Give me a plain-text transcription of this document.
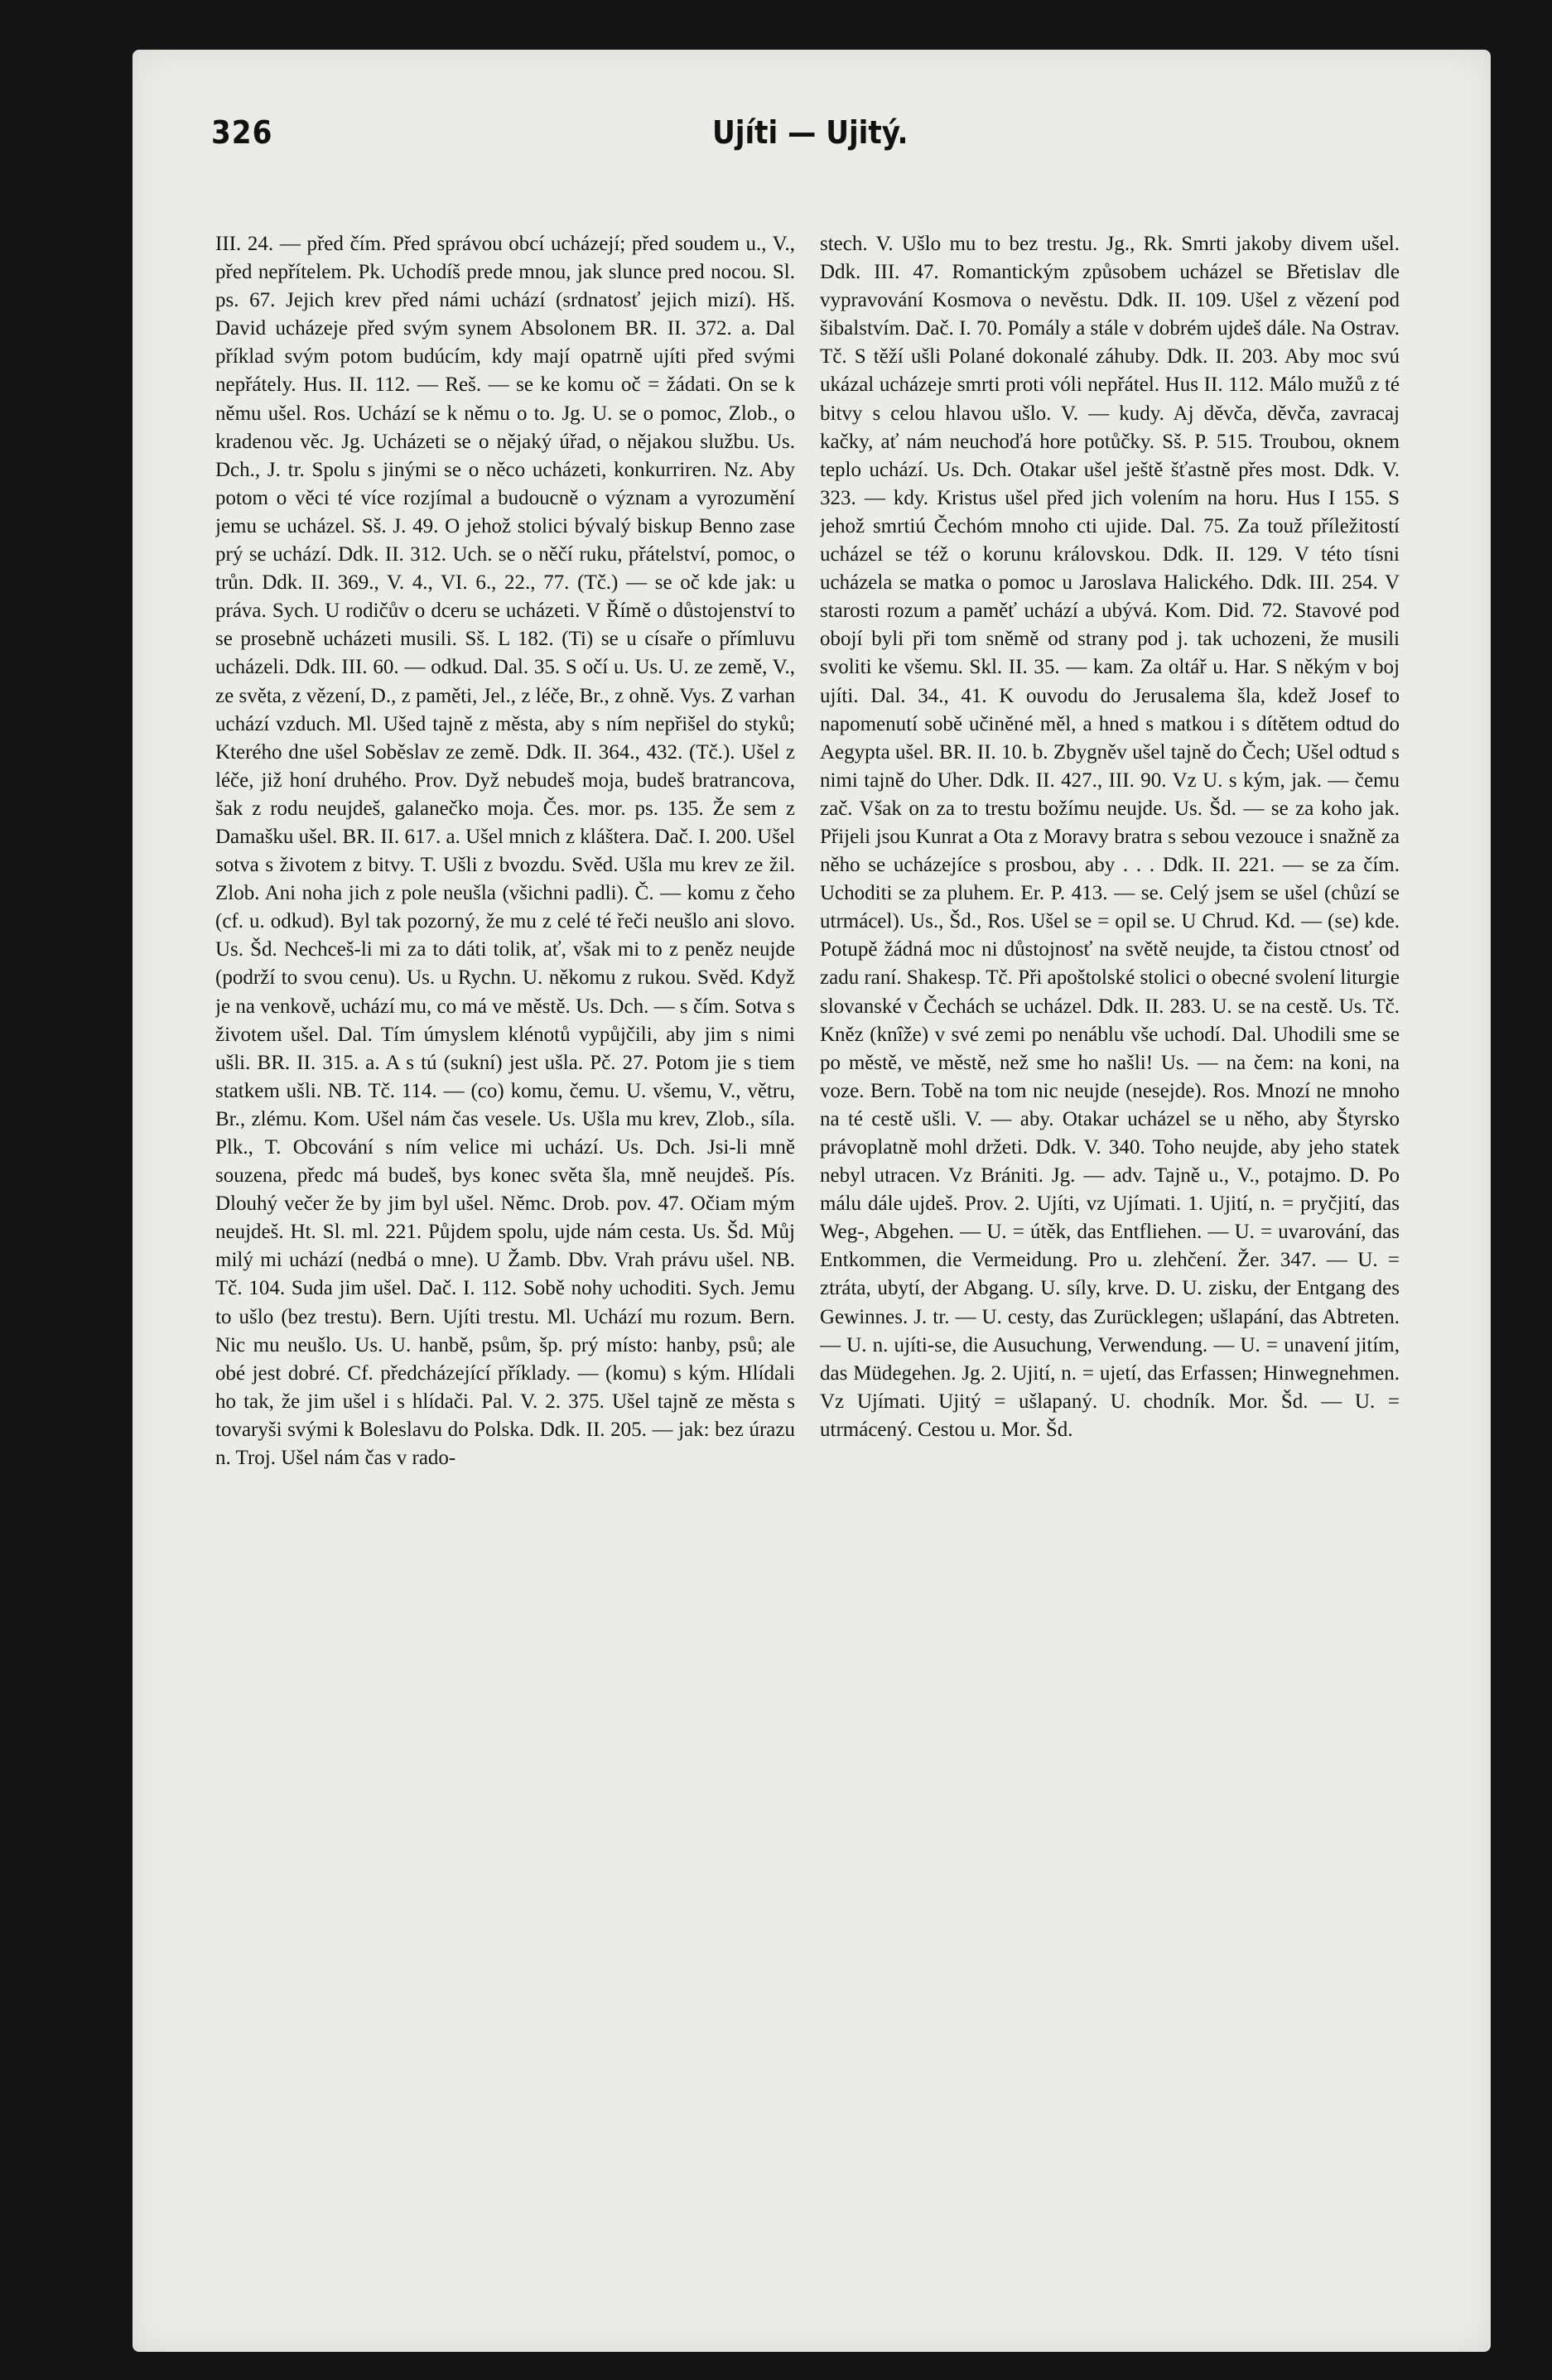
326	Ujíti — Ujitý.

III. 24. — před čím. Před správou obcí ucházejí; před soudem u., V., před nepřítelem. Pk. Uchodíš prede mnou, jak slunce pred nocou. Sl. ps. 67. Jejich krev před námi uchází (srdnatosť jejich mizí). Hš. David ucházeje před svým synem Absolonem BR. II. 372. a. Dal příklad svým potom budúcím, kdy mají opatrně ujíti před svými nepřátely. Hus. II. 112. — Reš. — se ke komu oč = žádati. On se k němu ušel. Ros. Uchází se k němu o to. Jg. U. se o pomoc, Zlob., o kradenou věc. Jg. Ucházeti se o nějaký úřad, o nějakou službu. Us. Dch., J. tr. Spolu s jinými se o něco ucházeti, konkurriren. Nz. Aby potom o věci té více rozjímal a budoucně o význam a vyrozumění jemu se ucházel. Sš. J. 49. O jehož stolici bývalý biskup Benno zase prý se uchází. Ddk. II. 312. Uch. se o něčí ruku, přátelství, pomoc, o trůn. Ddk. II. 369., V. 4., VI. 6., 22., 77. (Tč.) — se oč kde jak: u práva. Sych. U rodičův o dceru se ucházeti. V Římě o důstojenství to se prosebně ucházeti musili. Sš. L 182. (Ti) se u císaře o přímluvu ucházeli. Ddk. III. 60. — odkud. Dal. 35. S očí u. Us. U. ze země, V., ze světa, z vězení, D., z paměti, Jel., z léče, Br., z ohně. Vys. Z varhan uchází vzduch. Ml. Ušed tajně z města, aby s ním nepřišel do styků; Kterého dne ušel Soběslav ze země. Ddk. II. 364., 432. (Tč.). Ušel z léče, již honí druhého. Prov. Dyž nebudeš moja, budeš bratrancova, šak z rodu neujdeš, galanečko moja. Čes. mor. ps. 135. Že sem z Damašku ušel. BR. II. 617. a. Ušel mnich z kláštera. Dač. I. 200. Ušel sotva s životem z bitvy. T. Ušli z bvozdu. Svěd. Ušla mu krev ze žil. Zlob. Ani noha jich z pole neušla (všichni padli). Č. — komu z čeho (cf. u. odkud). Byl tak pozorný, že mu z celé té řeči neušlo ani slovo. Us. Šd. Nechceš-li mi za to dáti tolik, ať, však mi to z peněz neujde (podrží to svou cenu). Us. u Rychn. U. někomu z rukou. Svěd. Když je na venkově, uchází mu, co má ve městě. Us. Dch. — s čím. Sotva s životem ušel. Dal. Tím úmyslem klénotů vypůjčili, aby jim s nimi ušli. BR. II. 315. a. A s tú (sukní) jest ušla. Pč. 27. Potom jie s tiem statkem ušli. NB. Tč. 114. — (co) komu, čemu. U. všemu, V., větru, Br., zlému. Kom. Ušel nám čas vesele. Us. Ušla mu krev, Zlob., síla. Plk., T. Obcování s ním velice mi uchází. Us. Dch. Jsi-li mně souzena, předc má budeš, bys konec světa šla, mně neujdeš. Pís. Dlouhý večer že by jim byl ušel. Němc. Drob. pov. 47. Očiam mým neujdeš. Ht. Sl. ml. 221. Půjdem spolu, ujde nám cesta. Us. Šd. Můj milý mi uchází (nedbá o mne). U Žamb. Dbv. Vrah právu ušel. NB. Tč. 104. Suda jim ušel. Dač. I. 112. Sobě nohy uchoditi. Sych. Jemu to ušlo (bez trestu). Bern. Ujíti trestu. Ml. Uchází mu rozum. Bern. Nic mu neušlo. Us. U. hanbě, psům, šp. prý místo: hanby, psů; ale obé jest dobré. Cf. předcházející příklady. — (komu) s kým. Hlídali ho tak, že jim ušel i s hlídači. Pal. V. 2. 375. Ušel tajně ze města s tovaryši svými k Boleslavu do Polska. Ddk. II. 205. — jak: bez úrazu n. Troj. Ušel nám čas v rado-

stech. V. Ušlo mu to bez trestu. Jg., Rk. Smrti jakoby divem ušel. Ddk. III. 47. Romantickým způsobem ucházel se Břetislav dle vypravování Kosmova o nevěstu. Ddk. II. 109. Ušel z vězení pod šibalstvím. Dač. I. 70. Pomály a stále v dobrém ujdeš dále. Na Ostrav. Tč. S těží ušli Polané dokonalé záhuby. Ddk. II. 203. Aby moc svú ukázal ucházeje smrti proti vóli nepřátel. Hus II. 112. Málo mužů z té bitvy s celou hlavou ušlo. V. — kudy. Aj děvča, děvča, zavracaj kačky, ať nám neuchoďá hore potůčky. Sš. P. 515. Troubou, oknem teplo uchází. Us. Dch. Otakar ušel ještě šťastně přes most. Ddk. V. 323. — kdy. Kristus ušel před jich volením na horu. Hus I 155. S jehož smrtiú Čechóm mnoho cti ujide. Dal. 75. Za touž příležitostí ucházel se též o korunu královskou. Ddk. II. 129. V této tísni ucházela se matka o pomoc u Jaroslava Halického. Ddk. III. 254. V starosti rozum a paměť uchází a ubývá. Kom. Did. 72. Stavové pod obojí byli při tom sněmě od strany pod j. tak uchozeni, že musili svoliti ke všemu. Skl. II. 35. — kam. Za oltář u. Har. S někým v boj ujíti. Dal. 34., 41. K ouvodu do Jerusalema šla, kdež Josef to napomenutí sobě učiněné měl, a hned s matkou i s dítětem odtud do Aegypta ušel. BR. II. 10. b. Zbygněv ušel tajně do Čech; Ušel odtud s nimi tajně do Uher. Ddk. II. 427., III. 90. Vz U. s kým, jak. — čemu zač. Však on za to trestu božímu neujde. Us. Šd. — se za koho jak. Přijeli jsou Kunrat a Ota z Moravy bratra s sebou vezouce i snažně za něho se ucházejíce s prosbou, aby . . . Ddk. II. 221. — se za čím. Uchoditi se za pluhem. Er. P. 413. — se. Celý jsem se ušel (chůzí se utrmácel). Us., Šd., Ros. Ušel se = opil se. U Chrud. Kd. — (se) kde. Potupě žádná moc ni důstojnosť na světě neujde, ta čistou ctnosť od zadu raní. Shakesp. Tč. Při apoštolské stolici o obecné svolení liturgie slovanské v Čechách se ucházel. Ddk. II. 283. U. se na cestě. Us. Tč. Kněz (knîže) v své zemi po nenáblu vše uchodí. Dal. Uhodili sme se po městě, ve městě, než sme ho našli! Us. — na čem: na koni, na voze. Bern. Tobě na tom nic neujde (nesejde). Ros. Mnozí ne mnoho na té cestě ušli. V. — aby. Otakar ucházel se u něho, aby Štyrsko právoplatně mohl držeti. Ddk. V. 340. Toho neujde, aby jeho statek nebyl utracen. Vz Brániti. Jg. — adv. Tajně u., V., potajmo. D. Po málu dále ujdeš. Prov. 2. Ujíti, vz Ujímati. 1. Ujití, n. = pryčjití, das Weg-, Abgehen. — U. = útěk, das Entfliehen. — U. = uvarování, das Entkommen, die Vermeidung. Pro u. zlehčení. Žer. 347. — U. = ztráta, ubytí, der Abgang. U. síly, krve. D. U. zisku, der Entgang des Gewinnes. J. tr. — U. cesty, das Zurücklegen; ušlapání, das Abtreten. — U. n. ujíti-se, die Ausuchung, Verwendung. — U. = unavení jitím, das Müdegehen. Jg. 2. Ujití, n. = ujetí, das Erfassen; Hinwegnehmen. Vz Ujímati. Ujitý = ušlapaný. U. chodník. Mor. Šd. — U. = utrmácený. Cestou u. Mor. Šd.
